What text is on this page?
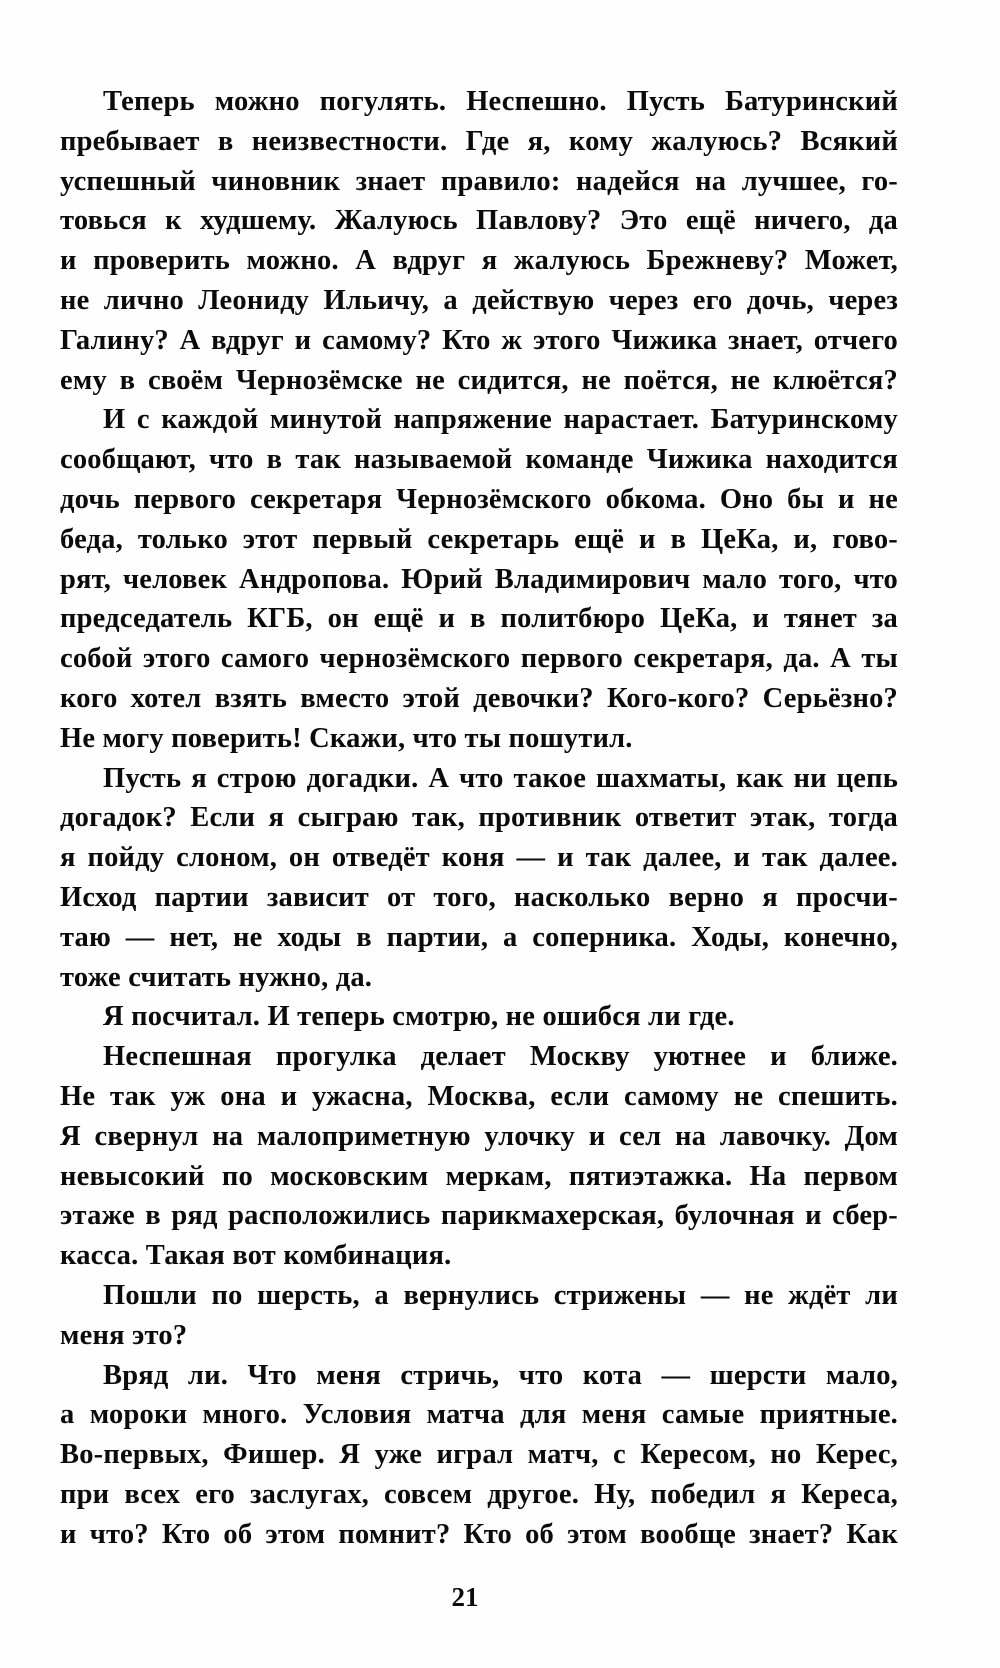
Теперь можно погулять. Неспешно. Пусть Батуринский
пребывает в неизвестности. Где я, кому жалуюсь? Всякий
успешный чиновник знает правило: надейся на лучшее, го-
товься к худшему. Жалуюсь Павлову? Это ещё ничего, да
и проверить можно. А вдруг я жалуюсь Брежневу? Может,
не лично Леониду Ильичу, а действую через его дочь, через
Галину? А вдруг и самому? Кто ж этого Чижика знает, отчего
ему в своём Чернозёмске не сидится, не поётся, не клюётся?
И с каждой минутой напряжение нарастает. Батуринскому
сообщают, что в так называемой команде Чижика находится
дочь первого секретаря Чернозёмского обкома. Оно бы и не
беда, только этот первый секретарь ещё и в ЦеКа, и, гово-
рят, человек Андропова. Юрий Владимирович мало того, что
председатель КГБ, он ещё и в политбюро ЦеКа, и тянет за
собой этого самого чернозёмского первого секретаря, да. А ты
кого хотел взять вместо этой девочки? Кого-кого? Серьёзно?
Не могу поверить! Скажи, что ты пошутил.
Пусть я строю догадки. А что такое шахматы, как ни цепь
догадок? Если я сыграю так, противник ответит этак, тогда
я пойду слоном, он отведёт коня — и так далее, и так далее.
Исход партии зависит от того, насколько верно я просчи-
таю — нет, не ходы в партии, а соперника. Ходы, конечно,
тоже считать нужно, да.
Я посчитал. И теперь смотрю, не ошибся ли где.
Неспешная прогулка делает Москву уютнее и ближе.
Не так уж она и ужасна, Москва, если самому не спешить.
Я свернул на малоприметную улочку и сел на лавочку. Дом
невысокий по московским меркам, пятиэтажка. На первом
этаже в ряд расположились парикмахерская, булочная и сбер-
касса. Такая вот комбинация.
Пошли по шерсть, а вернулись стрижены — не ждёт ли
меня это?
Вряд ли. Что меня стричь, что кота — шерсти мало,
а мороки много. Условия матча для меня самые приятные.
Во-первых, Фишер. Я уже играл матч, с Кересом, но Керес,
при всех его заслугах, совсем другое. Ну, победил я Кереса,
и что? Кто об этом помнит? Кто об этом вообще знает? Как
21
